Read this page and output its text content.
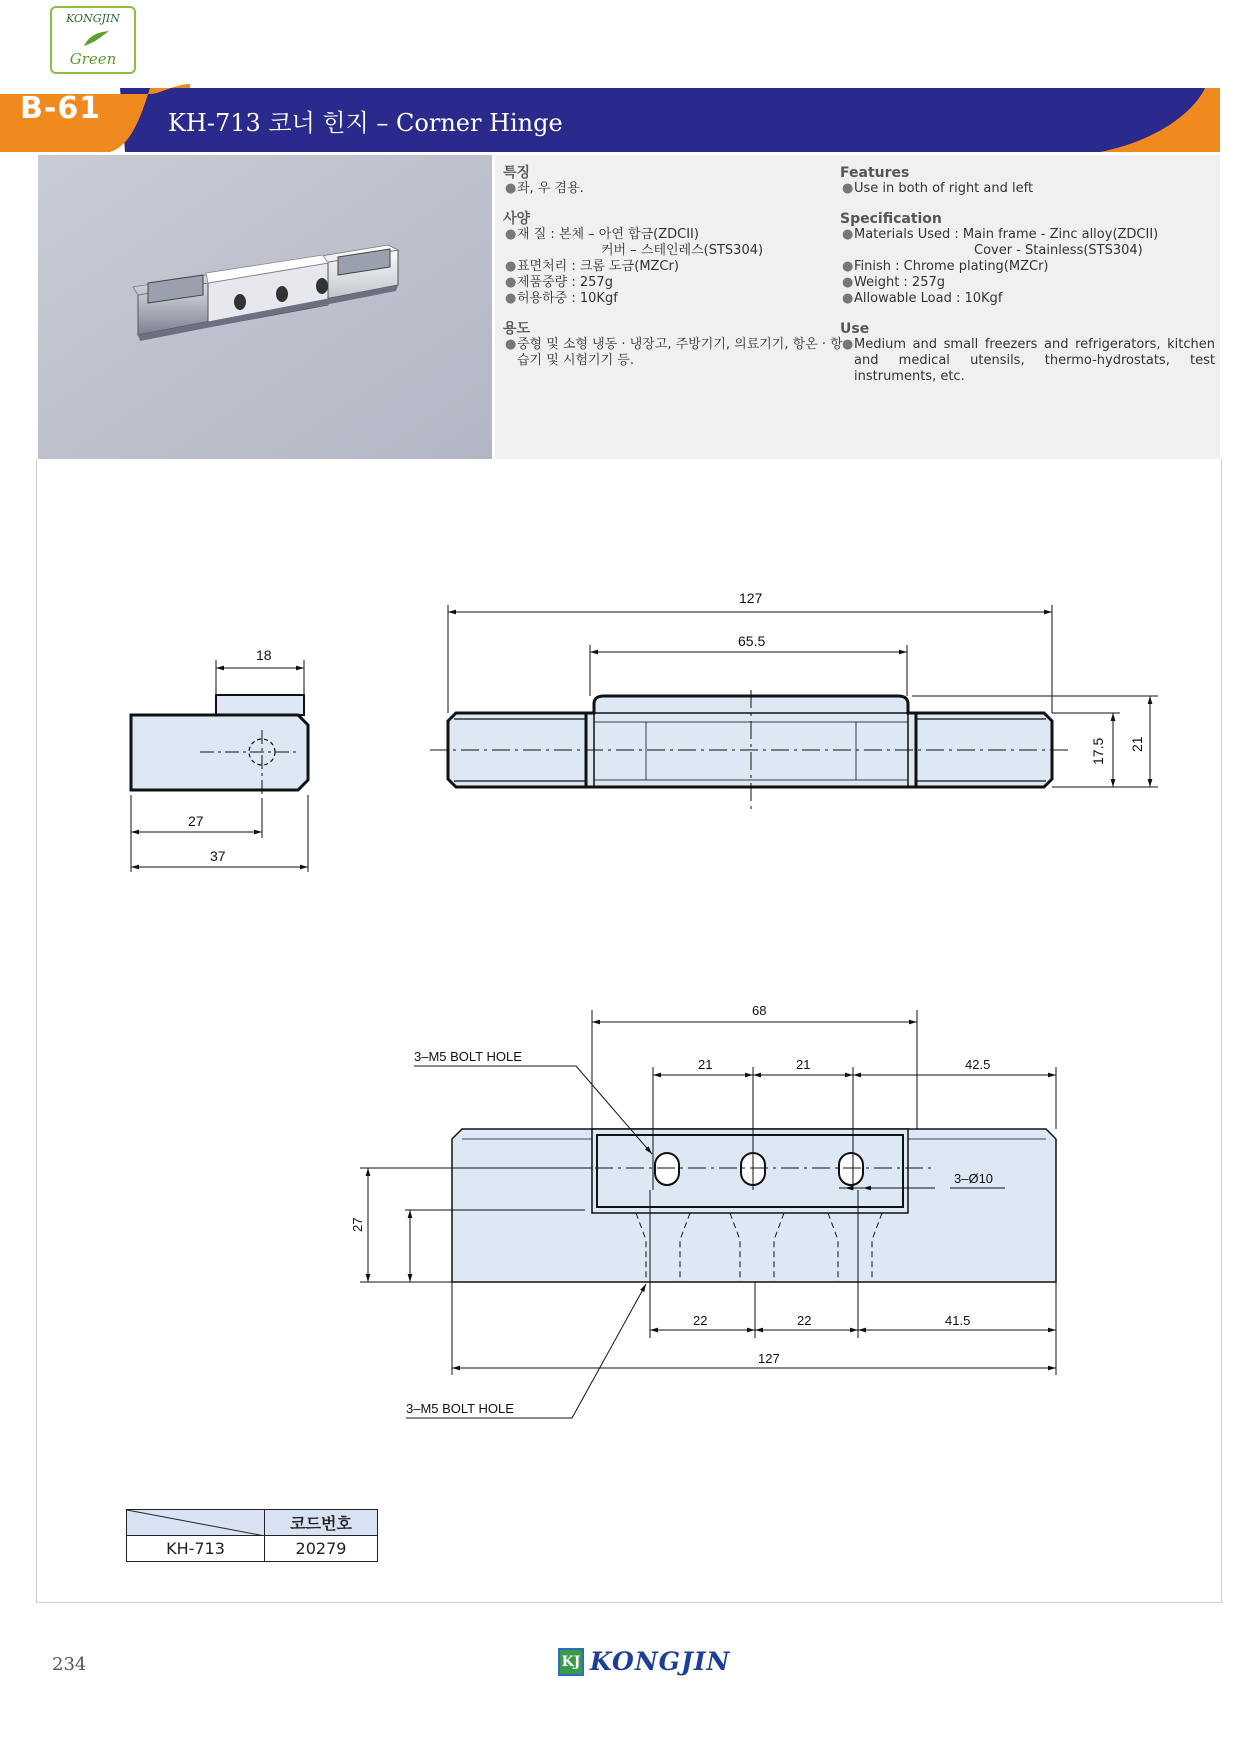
KONGJIN
Green
B-61	KH-713 코너 힌지 – Corner Hinge
특징
● 좌, 우 겸용.
사양
● 재 질 : 본체 – 아연 합금(ZDCII)
커버 – 스테인레스(STS304)
● 표면처리 : 크롬 도금(MZCr)
● 제품중량 : 257g
● 허용하중 : 10Kgf
용도
● 중형 및 소형 냉동 · 냉장고, 주방기기, 의료기기, 항온 · 항습기 및 시험기기 등.
Features
● Use in both of right and left
Specification
● Materials Used : Main frame - Zinc alloy(ZDCII)
Cover - Stainless(STS304)
● Finish : Chrome plating(MZCr)
● Weight : 257g
● Allowable Load : 10Kgf
Use
● Medium and small freezers and refrigerators, kitchen and medical utensils, thermo-hydrostats, test instruments, etc.
18
27
37
127
65.5
17.5 21
68
21	21	42.5
3–Ø10
22	22	41.5
127
27
3–M5 BOLT HOLE
3–M5 BOLT HOLE
	코드번호
KH-713	20279
234	KJ KONGJIN
